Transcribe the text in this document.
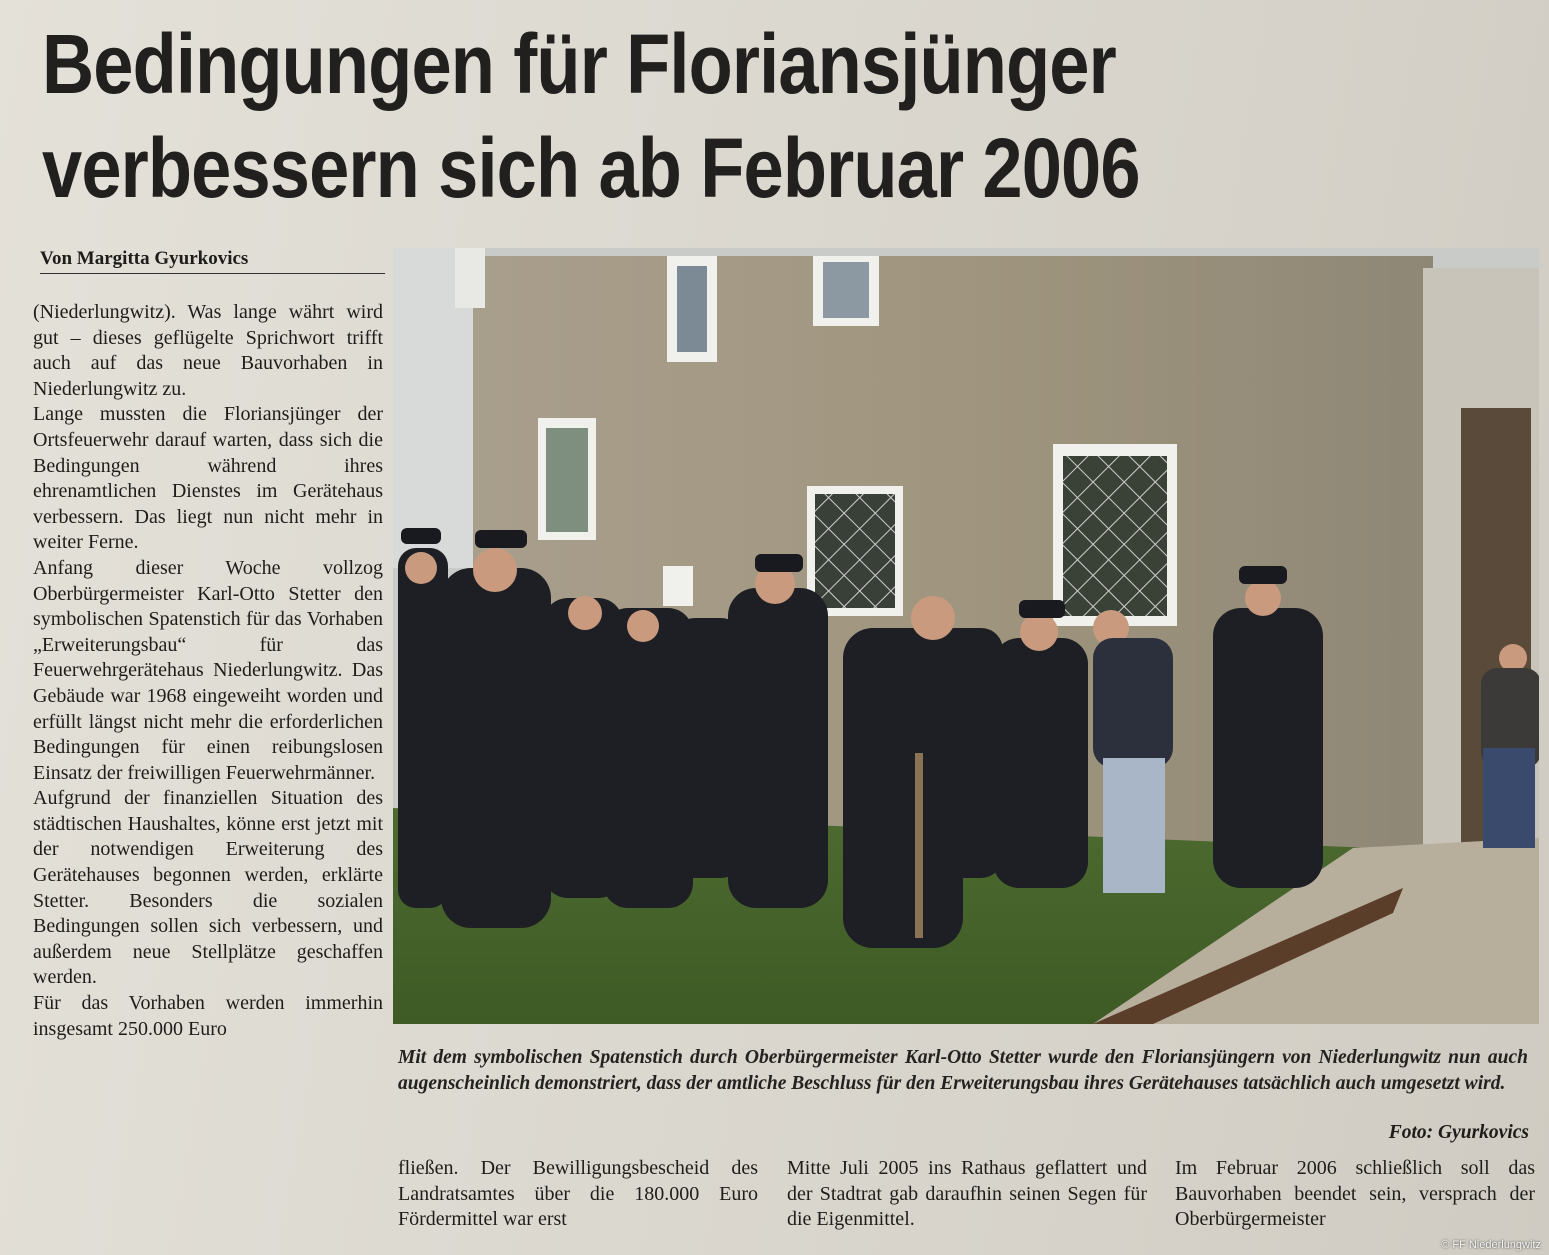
Bedingungen für Floriansjünger
verbessern sich ab Februar 2006
Von Margitta Gyurkovics

(Niederlungwitz). Was lange währt wird gut – dieses geflügelte Sprichwort trifft auch auf das neue Bauvorhaben in Niederlungwitz zu.

Lange mussten die Floriansjünger der Ortsfeuerwehr darauf warten, dass sich die Bedingungen während ihres ehrenamtlichen Dienstes im Gerätehaus verbessern. Das liegt nun nicht mehr in weiter Ferne.

Anfang dieser Woche vollzog Oberbürgermeister Karl-Otto Stetter den symbolischen Spatenstich für das Vorhaben „Erweiterungsbau“ für das Feuerwehrgerätehaus Niederlungwitz. Das Gebäude war 1968 eingeweiht worden und erfüllt längst nicht mehr die erforderlichen Bedingungen für einen reibungslosen Einsatz der freiwilligen Feuerwehrmänner.

Aufgrund der finanziellen Situation des städtischen Haushaltes, könne erst jetzt mit der notwendigen Erweiterung des Gerätehauses begonnen werden, erklärte Stetter. Besonders die sozialen Bedingungen sollen sich verbessern, und außerdem neue Stellplätze geschaffen werden.

Für das Vorhaben werden immerhin insgesamt 250.000 Euro

Mit dem symbolischen Spatenstich durch Oberbürgermeister Karl-Otto Stetter wurde den Floriansjüngern von Niederlungwitz nun auch augenscheinlich demonstriert, dass der amtliche Beschluss für den Erweiterungsbau ihres Gerätehauses tatsächlich auch umgesetzt wird.
Foto: Gyurkovics

fließen. Der Bewilligungsbescheid des Landratsamtes über die 180.000 Euro Fördermittel war erst

Mitte Juli 2005 ins Rathaus geflattert und der Stadtrat gab daraufhin seinen Segen für die Eigenmittel.

Im Februar 2006 schließlich soll das Bauvorhaben beendet sein, versprach der Oberbürgermeister

© FF Niederlungwitz
